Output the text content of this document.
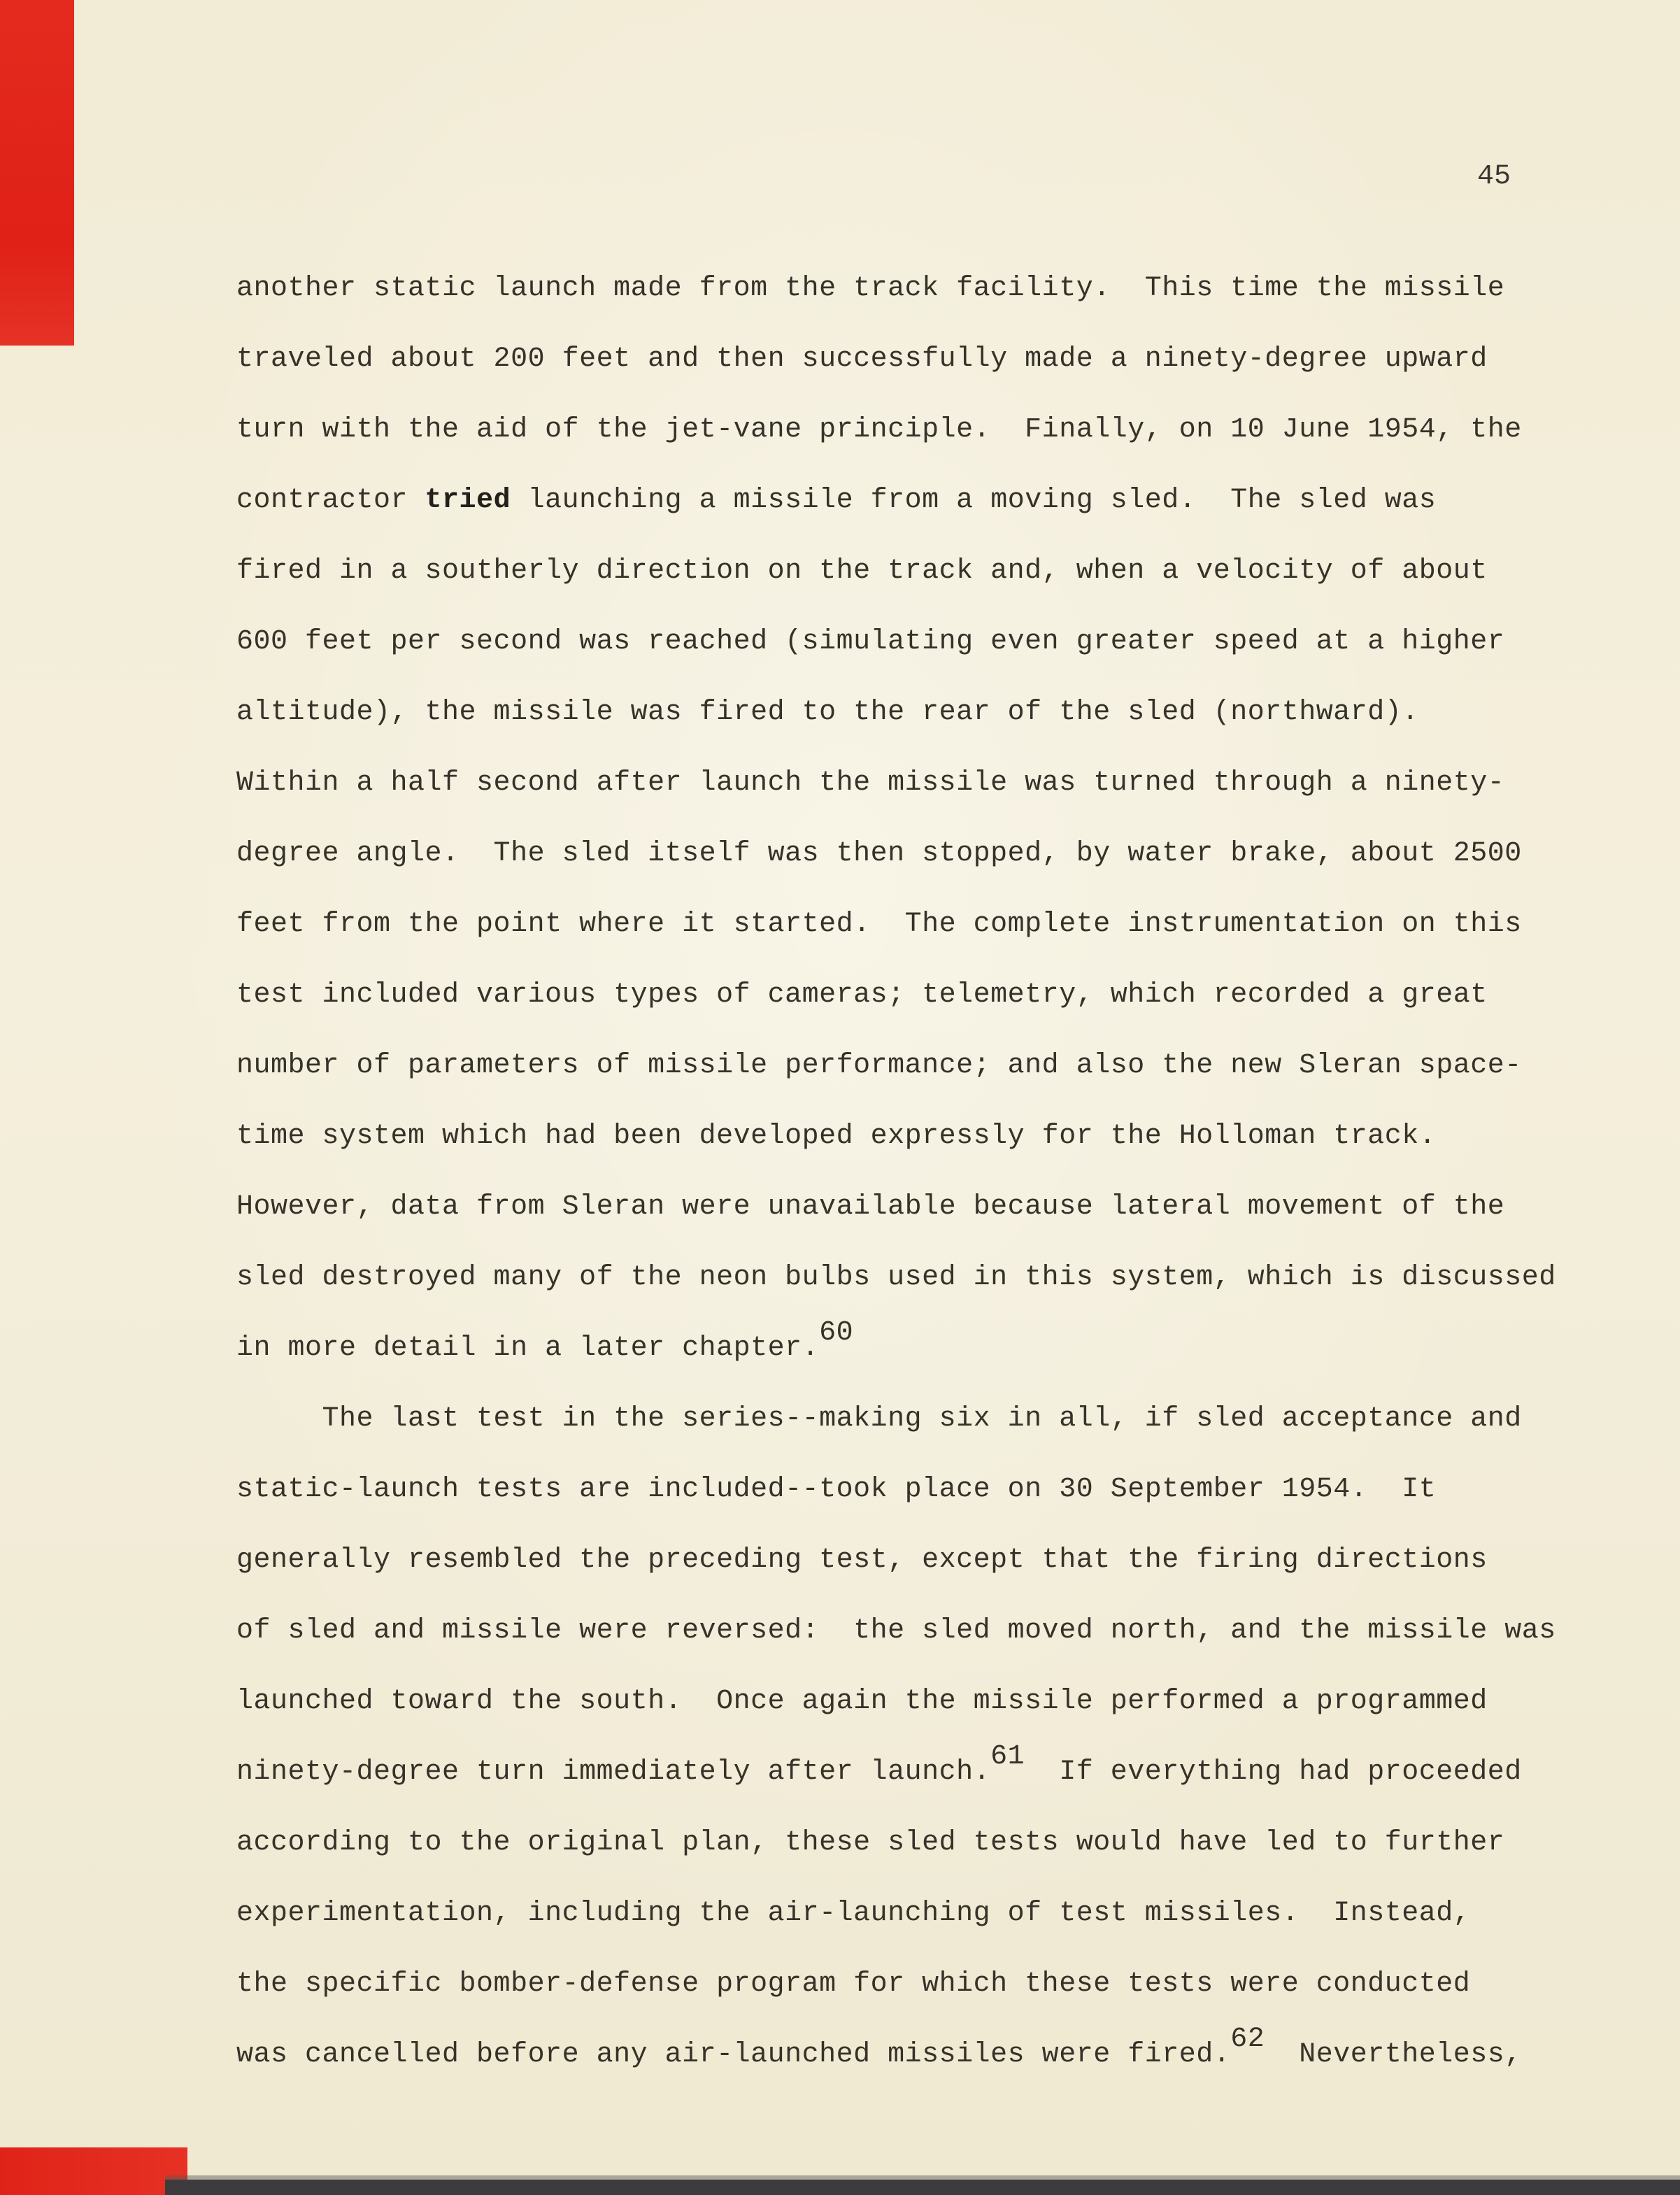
45
another static launch made from the track facility.  This time the missile
traveled about 200 feet and then successfully made a ninety-degree upward
turn with the aid of the jet-vane principle.  Finally, on 10 June 1954, the
contractor tried launching a missile from a moving sled.  The sled was
fired in a southerly direction on the track and, when a velocity of about
600 feet per second was reached (simulating even greater speed at a higher
altitude), the missile was fired to the rear of the sled (northward).
Within a half second after launch the missile was turned through a ninety-
degree angle.  The sled itself was then stopped, by water brake, about 2500
feet from the point where it started.  The complete instrumentation on this
test included various types of cameras; telemetry, which recorded a great
number of parameters of missile performance; and also the new Sleran space-
time system which had been developed expressly for the Holloman track.
However, data from Sleran were unavailable because lateral movement of the
sled destroyed many of the neon bulbs used in this system, which is discussed
in more detail in a later chapter.60
The last test in the series--making six in all, if sled acceptance and
static-launch tests are included--took place on 30 September 1954.  It
generally resembled the preceding test, except that the firing directions
of sled and missile were reversed:  the sled moved north, and the missile was
launched toward the south.  Once again the missile performed a programmed
ninety-degree turn immediately after launch.61  If everything had proceeded
according to the original plan, these sled tests would have led to further
experimentation, including the air-launching of test missiles.  Instead,
the specific bomber-defense program for which these tests were conducted
was cancelled before any air-launched missiles were fired.62  Nevertheless,
